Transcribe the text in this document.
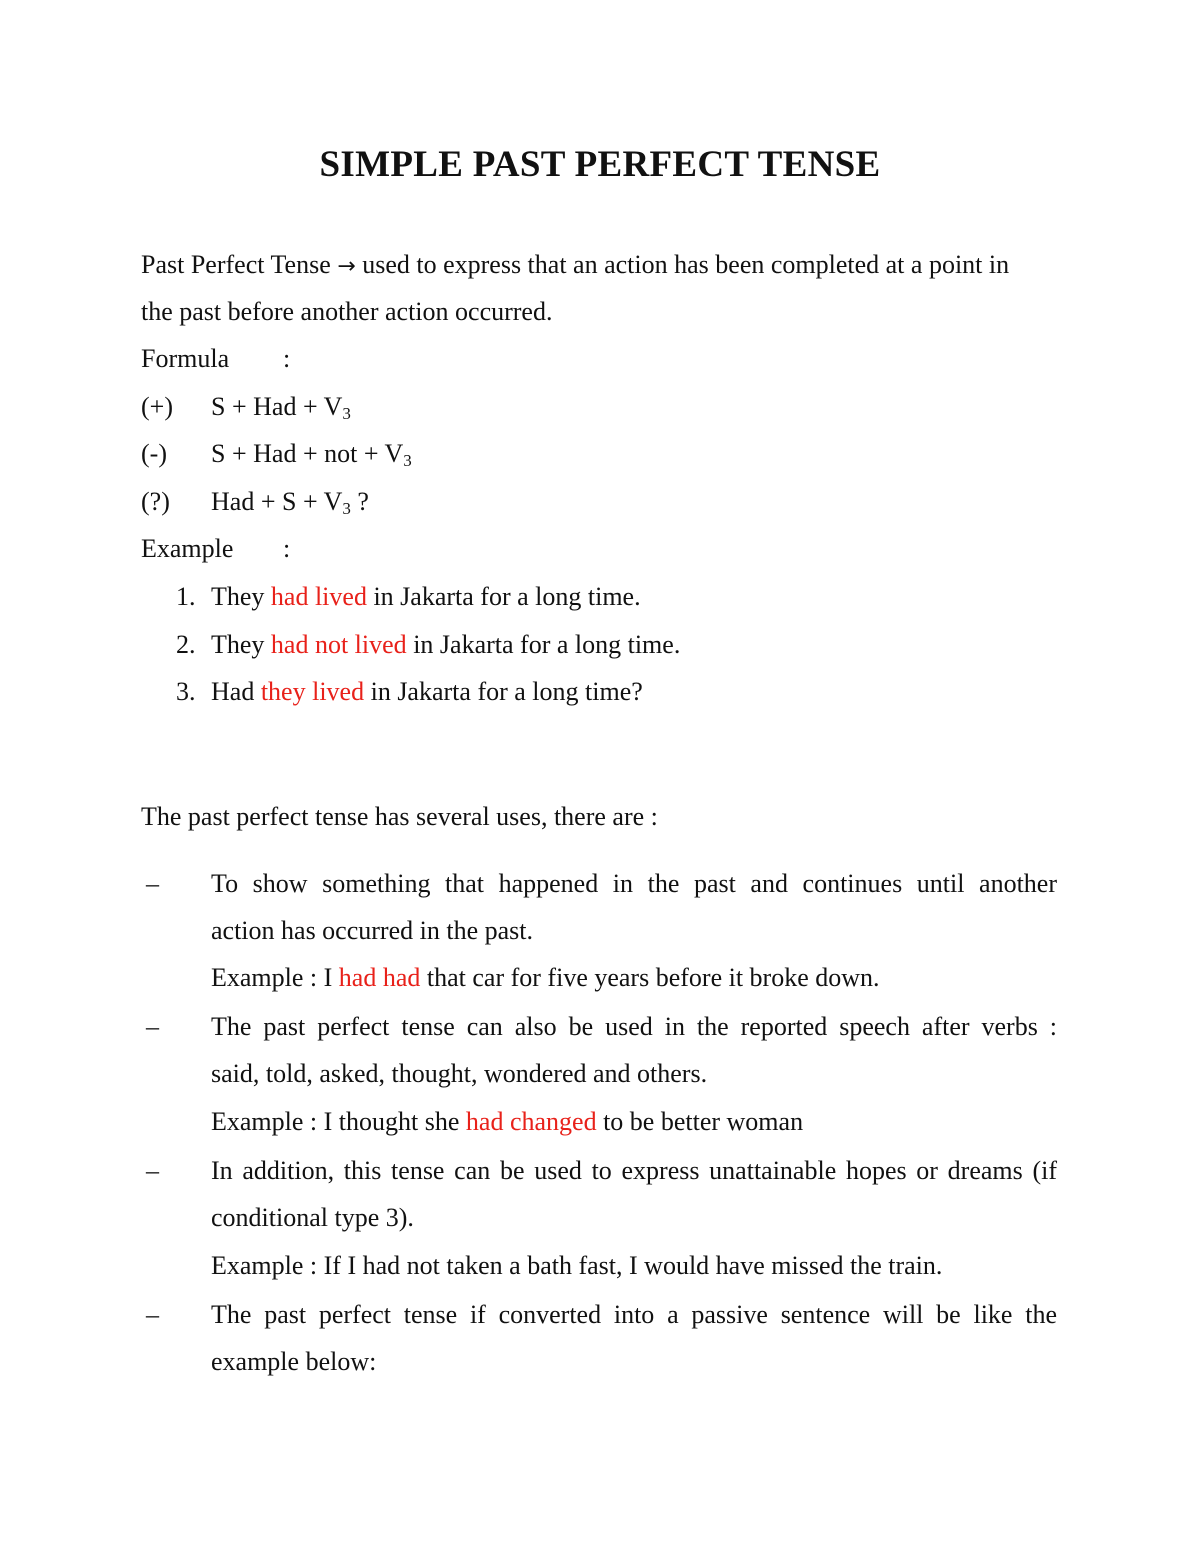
SIMPLE PAST PERFECT TENSE
Past Perfect Tense → used to express that an action has been completed at a point in
the past before another action occurred.
Formula :
(+) S + Had + $V_3$
(-) S + Had + not + $V_3$
(?) Had + $S + V_3$ ?
Example :
1. They had lived in Jakarta for a long time.
2. They had not lived in Jakarta for a long time.
3. Had they lived in Jakarta for a long time?
The past perfect tense has several uses, there are :
– To show something that happened in the past and continues until another
action has occurred in the past.
Example : I had had that car for five years before it broke down.
– The past perfect tense can also be used in the reported speech after verbs :
said, told, asked, thought, wondered and others.
Example : I thought she had changed to be better woman
– In addition, this tense can be used to express unattainable hopes or dreams (if
conditional type 3).
Example : If I had not taken a bath fast, I would have missed the train.
– The past perfect tense if converted into a passive sentence will be like the
example below:
